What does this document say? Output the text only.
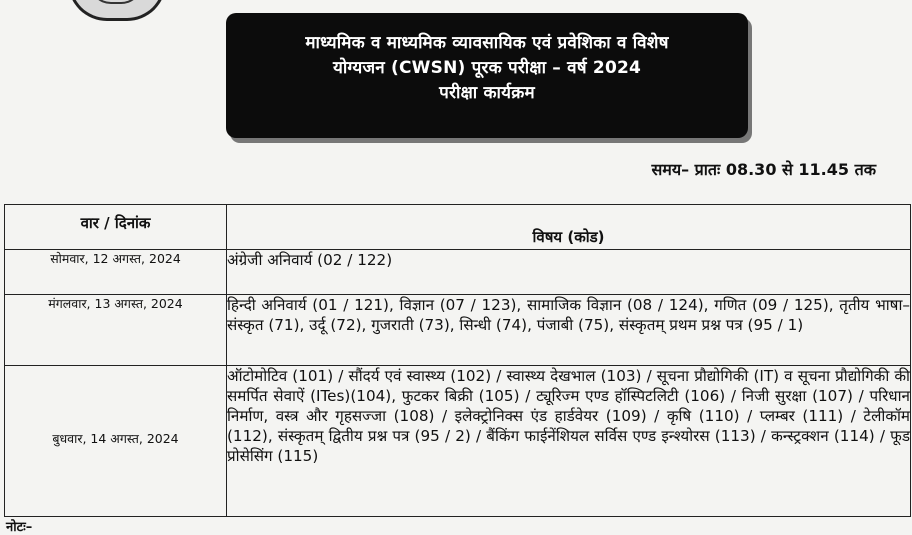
माध्यमिक व माध्यमिक व्यावसायिक एवं प्रवेशिका व विशेष
योग्यजन (CWSN) पूरक परीक्षा – वर्ष 2024
परीक्षा कार्यक्रम
समय– प्रातः 08.30 से 11.45 तक
वार / दिनांक	विषय (कोड)

सोमवार, 12 अगस्त, 2024	अंग्रेजी अनिवार्य (02 / 122)

मंगलवार, 13 अगस्त, 2024	हिन्दी अनिवार्य (01 / 121), विज्ञान (07 / 123), सामाजिक विज्ञान (08 / 124), गणित (09 / 125), तृतीय भाषा– संस्कृत (71), उर्दू (72), गुजराती (73), सिन्धी (74), पंजाबी (75), संस्कृतम् प्रथम प्रश्न पत्र (95 / 1)

बुधवार, 14 अगस्त, 2024	ऑटोमोटिव (101) / सौंदर्य एवं स्वास्थ्य (102) / स्वास्थ्य देखभाल (103) / सूचना प्रौद्योगिकी (IT) व सूचना प्रौद्योगिकी की समर्पित सेवाऐं (ITes)(104), फुटकर बिक्री (105) / ट्यूरिज्म एण्ड हॉस्पिटलिटी (106) / निजी सुरक्षा (107) / परिधान निर्माण, वस्त्र और गृहसज्जा (108) / इलेक्ट्रोनिक्स एंड हार्डवेयर (109) / कृषि (110) / प्लम्बर (111) / टेलीकॉम (112), संस्कृतम् द्वितीय प्रश्न पत्र (95 / 2) / बैंकिंग फाईनेंशियल सर्विस एण्ड इन्श्योरस (113) / कन्स्ट्रक्शन (114) / फूड प्रोसेसिंग (115)
नोटः–
